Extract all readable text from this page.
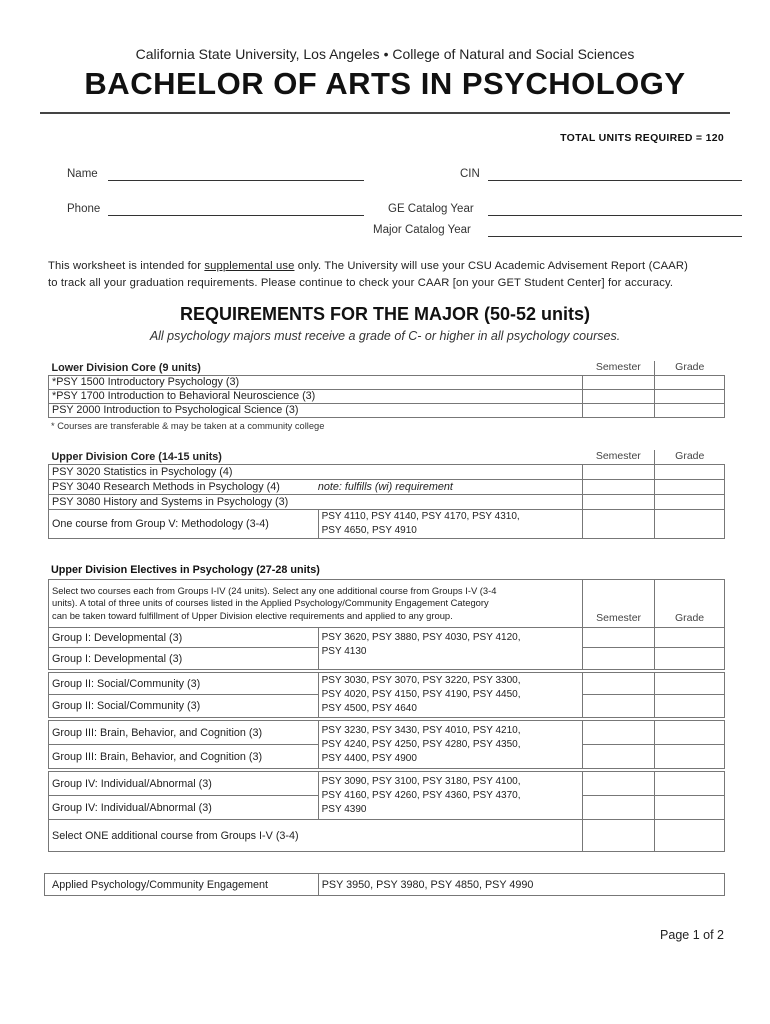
California State University, Los Angeles • College of Natural and Social Sciences
BACHELOR OF ARTS IN PSYCHOLOGY
TOTAL UNITS REQUIRED = 120
Name	CIN
Phone	GE Catalog Year
Major Catalog Year
This worksheet is intended for supplemental use only. The University will use your CSU Academic Advisement Report (CAAR)
to track all your graduation requirements. Please continue to check your CAAR [on your GET Student Center] for accuracy.
REQUIREMENTS FOR THE MAJOR (50-52 units)
All psychology majors must receive a grade of C- or higher in all psychology courses.
Lower Division Core (9 units)	Semester	Grade
*PSY 1500 Introductory Psychology (3)		
*PSY 1700 Introduction to Behavioral Neuroscience (3)		
PSY 2000 Introduction to Psychological Science (3)		
* Courses are transferable & may be taken at a community college
Upper Division Core (14-15 units)		Semester	Grade
PSY 3020 Statistics in Psychology (4)			
PSY 3040 Research Methods in Psychology (4) note: fulfills (wi) requirement			
PSY 3080 History and Systems in Psychology (3)			
One course from Group V: Methodology (3-4)	PSY 4110, PSY 4140, PSY 4170, PSY 4310,
PSY 4650, PSY 4910		

Upper Division Electives in Psychology (27-28 units)
Select two courses each from Groups I-IV (24 units). Select any one additional course from Groups I-V (3-4
units). A total of three units of courses listed in the Applied Psychology/Community Engagement Category
can be taken toward fulfillment of Upper Division elective requirements and applied to any group.		Semester	Grade
Group I: Developmental (3)	PSY 3620, PSY 3880, PSY 4030, PSY 4120,
PSY 4130		

Group I: Developmental (3)			

Group II: Social/Community (3)	PSY 3030, PSY 3070, PSY 3220, PSY 3300,
PSY 4020, PSY 4150, PSY 4190, PSY 4450,
PSY 4500, PSY 4640		

Group II: Social/Community (3)			

Group III: Brain, Behavior, and Cognition (3)	PSY 3230, PSY 3430, PSY 4010, PSY 4210,
PSY 4240, PSY 4250, PSY 4280, PSY 4350,
PSY 4400, PSY 4900		

Group III: Brain, Behavior, and Cognition (3)			

Group IV: Individual/Abnormal (3)	PSY 3090, PSY 3100, PSY 3180, PSY 4100,
PSY 4160, PSY 4260, PSY 4360, PSY 4370,
PSY 4390		

Group IV: Individual/Abnormal (3)			
Select ONE additional course from Groups I-V (3-4)			
Applied Psychology/Community Engagement	PSY 3950, PSY 3980, PSY 4850, PSY 4990
Page 1 of 2
